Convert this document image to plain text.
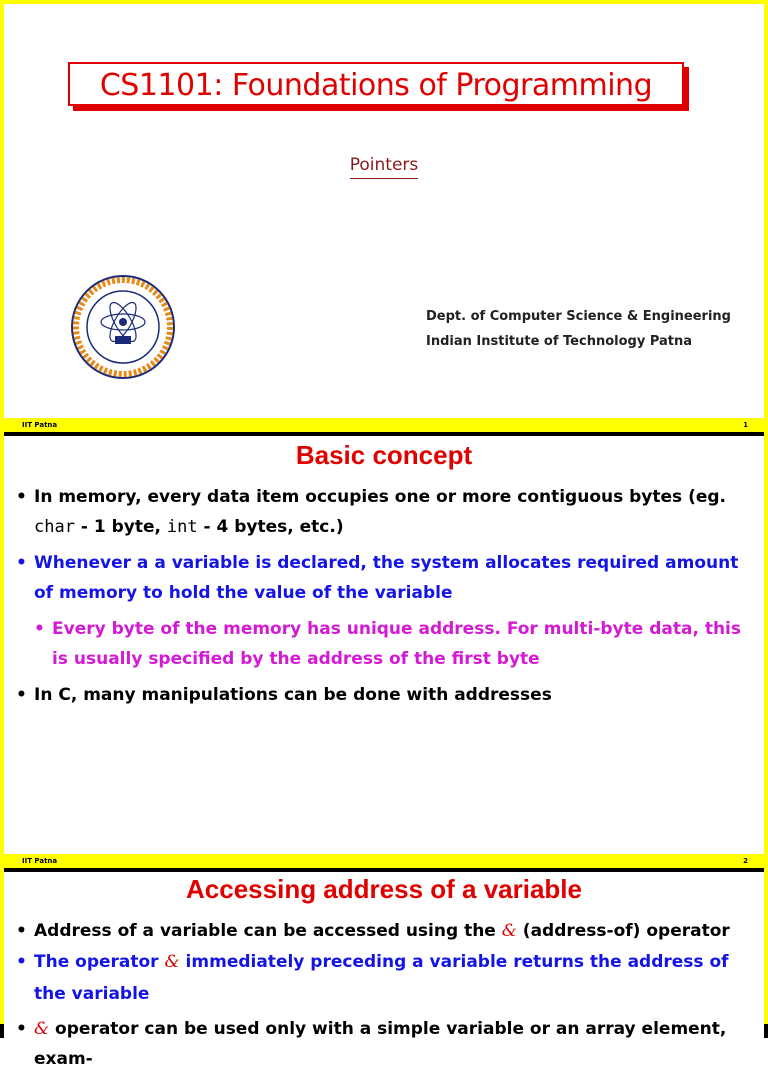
CS1101: Foundations of Programming
Pointers
Dept. of Computer Science & Engineering
Indian Institute of Technology Patna
IIT Patna	1
Basic concept
• In memory, every data item occupies one or more contiguous bytes (eg. char - 1 byte, int - 4 bytes, etc.)
• Whenever a a variable is declared, the system allocates required amount of memory to hold the value of the variable
• Every byte of the memory has unique address. For multi-byte data, this is usually specified by the address of the first byte
• In C, many manipulations can be done with addresses
IIT Patna	2
Accessing address of a variable
• Address of a variable can be accessed using the & (address-of) operator
• The operator & immediately preceding a variable returns the address of the variable
• & operator can be used only with a simple variable or an array element, exam-
